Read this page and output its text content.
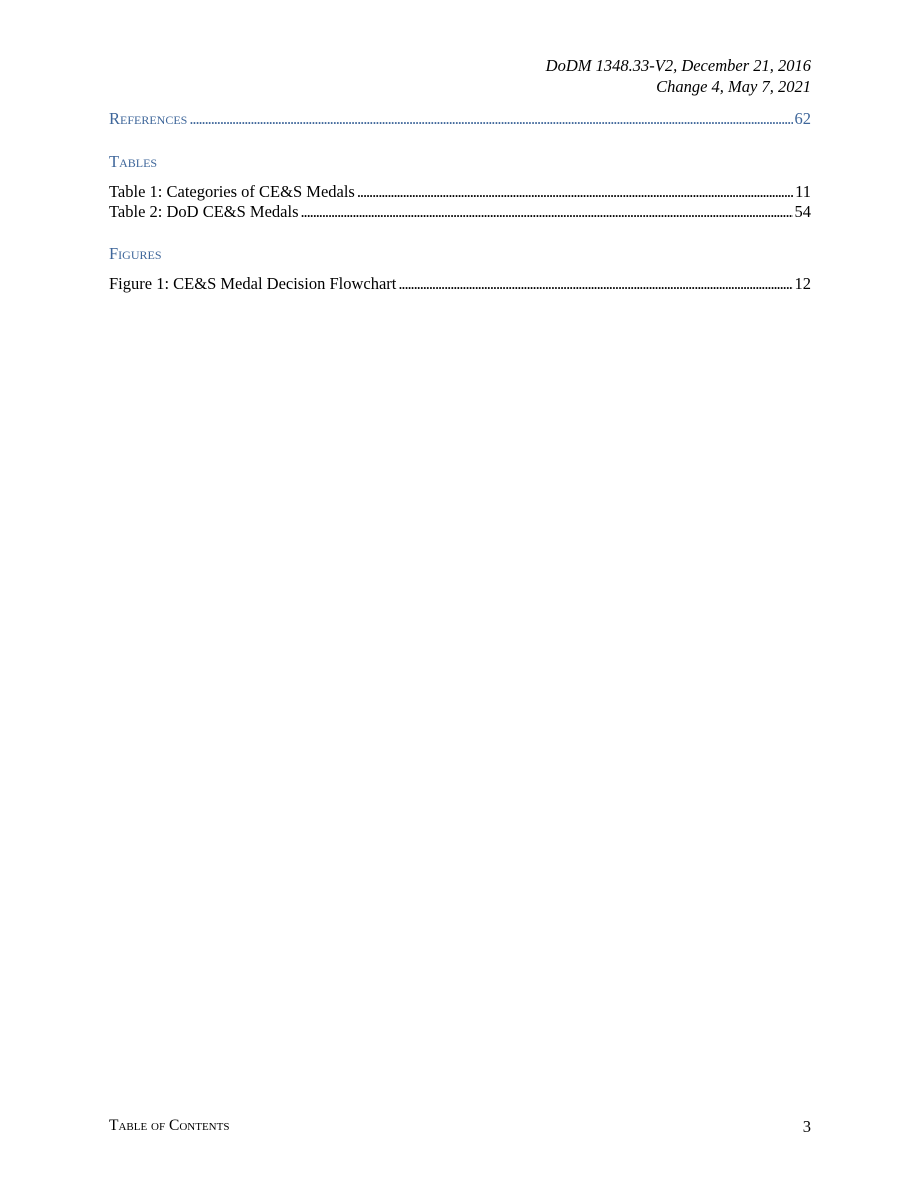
DoDM 1348.33-V2, December 21, 2016
Change 4, May 7, 2021
References . . .	62
Tables
Table 1: Categories of CE&S Medals . . .	11
Table 2: DoD CE&S Medals . . .	54
Figures
Figure 1: CE&S Medal Decision Flowchart . . .	12
Table of Contents	3
